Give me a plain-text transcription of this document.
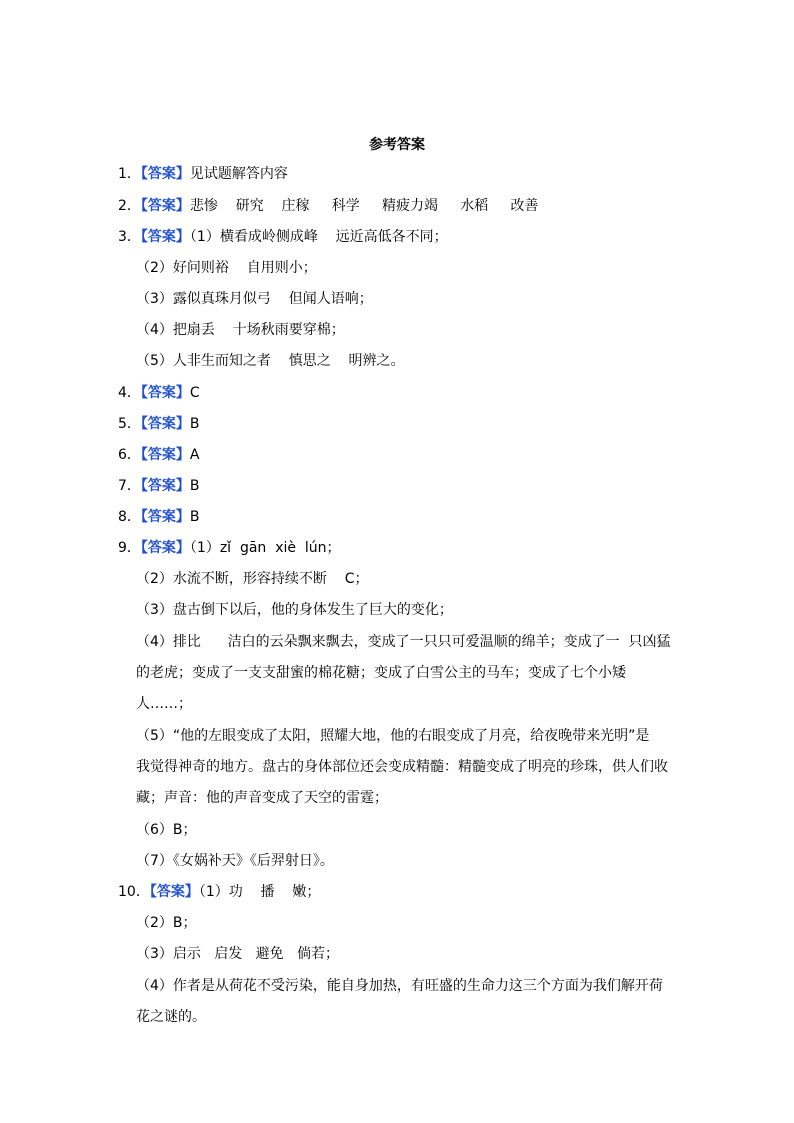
参考答案
1．【答案】见试题解答内容
2．【答案】悲惨    研究    庄稼     科学     精疲力竭     水稻     改善
3．【答案】（1）横看成岭侧成峰    远近高低各不同；
（2）好问则裕    自用则小；
（3）露似真珠月似弓    但闻人语响；
（4）把扇丢    十场秋雨要穿棉；
（5）人非生而知之者    慎思之    明辨之。
4．【答案】C
5．【答案】B
6．【答案】A
7．【答案】B
8．【答案】B
9．【答案】（1）zǐ  gān  xiè  lún；
（2）水流不断，形容持续不断    C；
（3）盘古倒下以后，他的身体发生了巨大的变化；
（4）排比      洁白的云朵飘来飘去，变成了一只只可爱温顺的绵羊；变成了一  只凶猛
的老虎；变成了一支支甜蜜的棉花糖；变成了白雪公主的马车；变成了七个小矮
人……；
（5）“他的左眼变成了太阳，照耀大地，他的右眼变成了月亮，给夜晚带来光明”是
我觉得神奇的地方。盘古的身体部位还会变成精髓：精髓变成了明亮的珍珠，供人们收
藏；声音：他的声音变成了天空的雷霆；
（6）B；
（7）《女娲补天》《后羿射日》。
10．【答案】（1）功    播    嫩；
（2）B；
（3）启示   启发   避免   倘若；
（4）作者是从荷花不受污染，能自身加热，有旺盛的生命力这三个方面为我们解开荷
花之谜的。
